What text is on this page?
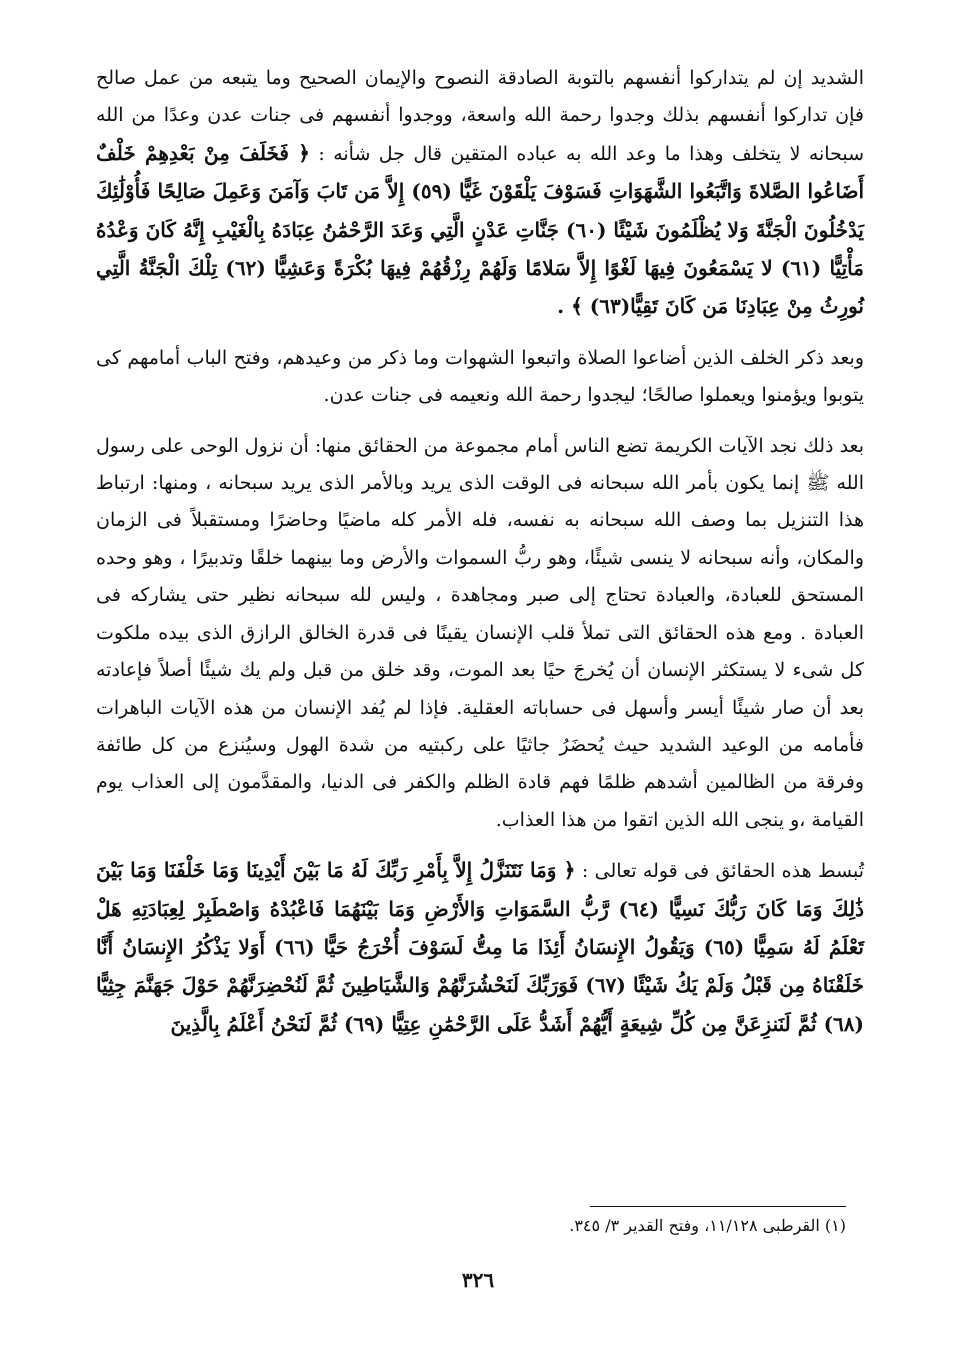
الشديد إن لم يتداركوا أنفسهم بالتوبة الصادقة النصوح والإيمان الصحيح وما يتبعه من عمل صالح فإن تداركوا أنفسهم بذلك وجدوا رحمة الله واسعة، ووجدوا أنفسهم فى جنات عدن وعدًا من الله سبحانه لا يتخلف وهذا ما وعد الله به عباده المتقين قال جل شأنه : ﴿ فَخَلَفَ مِنْ بَعْدِهِمْ خَلْفٌ أَضَاعُوا الصَّلاةَ وَاتَّبَعُوا الشَّهَوَاتِ فَسَوْفَ يَلْقَوْنَ غَيًّا (٥٩) إِلاَّ مَن تَابَ وَآمَنَ وَعَمِلَ صَالِحًا فَأُوْلَٰئِكَ يَدْخُلُونَ الْجَنَّةَ وَلا يُظْلَمُونَ شَيْئًا (٦٠) جَنَّاتِ عَدْنٍ الَّتِي وَعَدَ الرَّحْمَٰنُ عِبَادَهُ بِالْغَيْبِ إِنَّهُ كَانَ وَعْدُهُ مَأْتِيًّا (٦١) لا يَسْمَعُونَ فِيهَا لَغْوًا إِلاَّ سَلامًا وَلَهُمْ رِزْقُهُمْ فِيهَا بُكْرَةً وَعَشِيًّا (٦٢) تِلْكَ الْجَنَّةُ الَّتِي نُورِثُ مِنْ عِبَادِنَا مَن كَانَ تَقِيًّا(٦٣) ﴾ .

وبعد ذكر الخلف الذين أضاعوا الصلاة واتبعوا الشهوات وما ذكر من وعيدهم، وفتح الباب أمامهم كى يتوبوا ويؤمنوا ويعملوا صالحًا؛ ليجدوا رحمة الله ونعيمه فى جنات عدن.

بعد ذلك نجد الآيات الكريمة تضع الناس أمام مجموعة من الحقائق منها: أن نزول الوحى على رسول الله ﷺ إنما يكون بأمر الله سبحانه فى الوقت الذى يريد وبالأمر الذى يريد سبحانه ، ومنها: ارتباط هذا التنزيل بما وصف الله سبحانه به نفسه، فله الأمر كله ماضيًا وحاضرًا ومستقبلاً فى الزمان والمكان، وأنه سبحانه لا ينسى شيئًا، وهو ربُّ السموات والأرض وما بينهما خلقًا وتدبيرًا ، وهو وحده المستحق للعبادة، والعبادة تحتاج إلى صبر ومجاهدة ، وليس لله سبحانه نظير حتى يشاركه فى العبادة . ومع هذه الحقائق التى تملأ قلب الإنسان يقينًا فى قدرة الخالق الرازق الذى بيده ملكوت كل شىء لا يستكثر الإنسان أن يُخرجَ حيًا بعد الموت، وقد خلق من قبل ولم يك شيئًا أصلاً فإعادته بعد أن صار شيئًا أيسر وأسهل فى حساباته العقلية. فإذا لم يُفد الإنسان من هذه الآيات الباهرات فأمامه من الوعيد الشديد حيث يُحضَرُ جاثيًا على ركبتيه من شدة الهول وسيُنزع من كل طائفة وفرقة من الظالمين أشدهم ظلمًا فهم قادة الظلم والكفر فى الدنيا، والمقدَّمون إلى العذاب يوم القيامة ،و ينجى الله الذين اتقوا من هذا العذاب.

تُبسط هذه الحقائق فى قوله تعالى : ﴿ وَمَا نَتَنَزَّلُ إِلاَّ بِأَمْرِ رَبِّكَ لَهُ مَا بَيْنَ أَيْدِينَا وَمَا خَلْفَنَا وَمَا بَيْنَ ذَٰلِكَ وَمَا كَانَ رَبُّكَ نَسِيًّا (٦٤) رَّبُّ السَّمَوَاتِ وَالأَرْضِ وَمَا بَيْنَهُمَا فَاعْبُدْهُ وَاصْطَبِرْ لِعِبَادَتِهِ هَلْ تَعْلَمُ لَهُ سَمِيًّا (٦٥) وَيَقُولُ الإِنسَانُ أَئِذَا مَا مِتُّ لَسَوْفَ أُخْرَجُ حَيًّا (٦٦) أَوَلا يَذْكُرُ الإِنسَانُ أَنَّا خَلَقْنَاهُ مِن قَبْلُ وَلَمْ يَكُ شَيْئًا (٦٧) فَوَرَبِّكَ لَنَحْشُرَنَّهُمْ وَالشَّيَاطِينَ ثُمَّ لَنُحْضِرَنَّهُمْ حَوْلَ جَهَنَّمَ جِثِيًّا (٦٨) ثُمَّ لَنَنزِعَنَّ مِن كُلِّ شِيعَةٍ أَيُّهُمْ أَشَدُّ عَلَى الرَّحْمَٰنِ عِتِيًّا (٦٩) ثُمَّ لَنَحْنُ أَعْلَمُ بِالَّذِينَ

(١) القرطبى ١١/١٢٨، وفتح القدير ٣/ ٣٤٥.
٣٢٦
